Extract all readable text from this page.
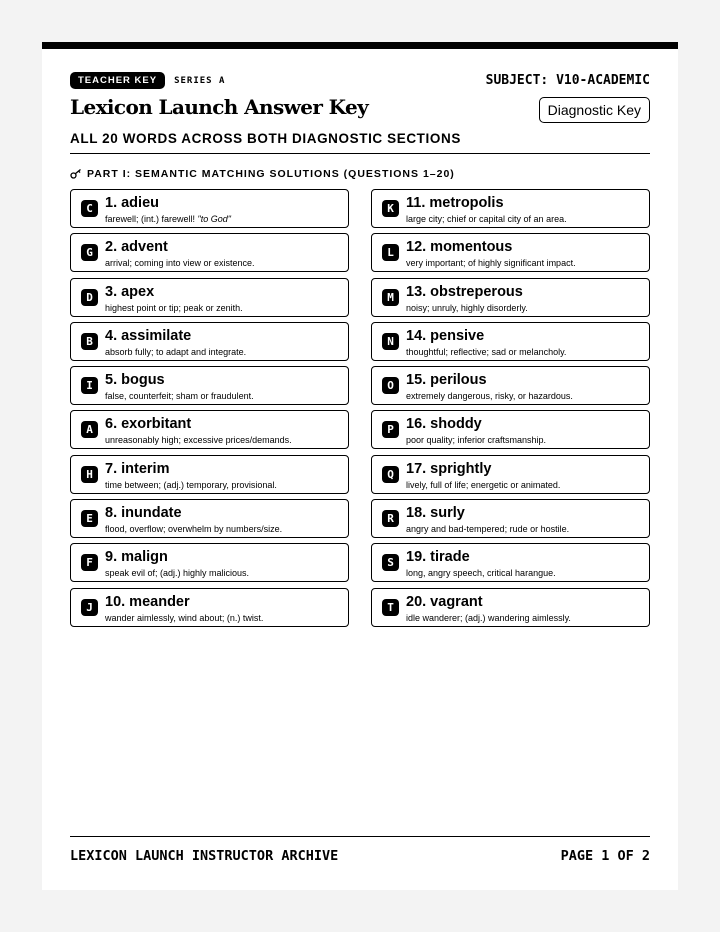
TEACHER KEY	SERIES A	SUBJECT: V10-ACADEMIC
Lexicon Launch Answer Key	Diagnostic Key
ALL 20 WORDS ACROSS BOTH DIAGNOSTIC SECTIONS
PART I: SEMANTIC MATCHING SOLUTIONS (QUESTIONS 1–20)
C 1. adieu
farewell; (int.) farewell! "to God"
K 11. metropolis
large city; chief or capital city of an area.
G 2. advent
arrival; coming into view or existence.
L 12. momentous
very important; of highly significant impact.
D 3. apex
highest point or tip; peak or zenith.
M 13. obstreperous
noisy; unruly, highly disorderly.
B 4. assimilate
absorb fully; to adapt and integrate.
N 14. pensive
thoughtful; reflective; sad or melancholy.
I 5. bogus
false, counterfeit; sham or fraudulent.
O 15. perilous
extremely dangerous, risky, or hazardous.
A 6. exorbitant
unreasonably high; excessive prices/demands.
P 16. shoddy
poor quality; inferior craftsmanship.
H 7. interim
time between; (adj.) temporary, provisional.
Q 17. sprightly
lively, full of life; energetic or animated.
E 8. inundate
flood, overflow; overwhelm by numbers/size.
R 18. surly
angry and bad-tempered; rude or hostile.
F 9. malign
speak evil of; (adj.) highly malicious.
S 19. tirade
long, angry speech, critical harangue.
J 10. meander
wander aimlessly, wind about; (n.) twist.
T 20. vagrant
idle wanderer; (adj.) wandering aimlessly.
LEXICON LAUNCH INSTRUCTOR ARCHIVE	PAGE 1 OF 2
